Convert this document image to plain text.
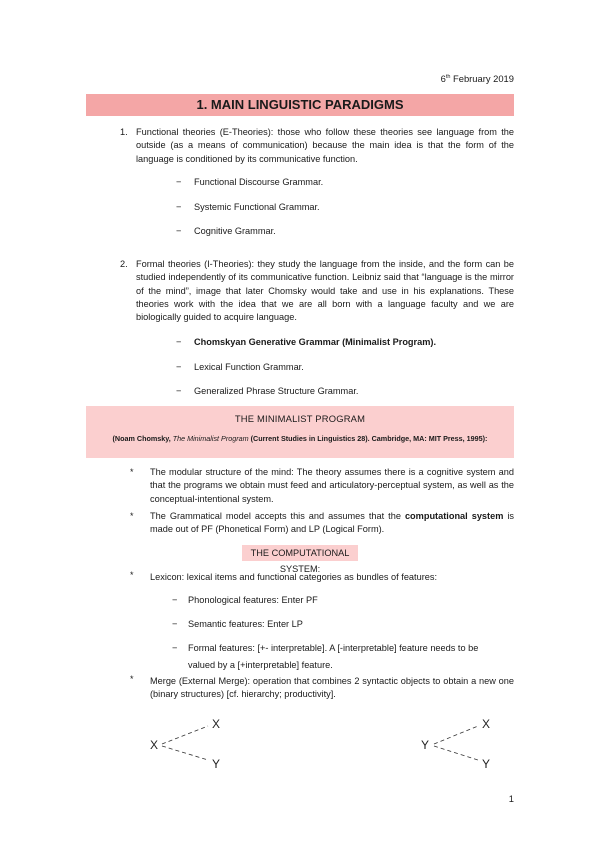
6th February 2019
1. MAIN LINGUISTIC PARADIGMS
1. Functional theories (E-Theories): those who follow these theories see language from the outside (as a means of communication) because the main idea is that the form of the language is conditioned by its communicative function.

− Functional Discourse Grammar.
− Systemic Functional Grammar.
− Cognitive Grammar.
2. Formal theories (I-Theories): they study the language from the inside, and the form can be studied independently of its communicative function. Leibniz said that “language is the mirror of the mind”, image that later Chomsky would take and use in his explanations. These theories work with the idea that we are all born with a language faculty and we are biologically guided to acquire language.

− Chomskyan Generative Grammar (Minimalist Program).
− Lexical Function Grammar.
− Generalized Phrase Structure Grammar.
THE MINIMALIST PROGRAM
(Noam Chomsky, The Minimalist Program (Current Studies in Linguistics 28). Cambridge, MA: MIT Press, 1995):
* The modular structure of the mind: The theory assumes there is a cognitive system and that the programs we obtain must feed and articulatory-perceptual system, as well as the conceptual-intentional system.

* The Grammatical model accepts this and assumes that the computational system is made out of PF (Phonetical Form) and LP (Logical Form).

THE COMPUTATIONAL SYSTEM:
* Lexicon: lexical items and functional categories as bundles of features:

− Phonological features: Enter PF
− Semantic features: Enter LP
− Formal features: [+- interpretable]. A [-interpretable] feature needs to be
valued by a [+interpretable] feature.
* Merge (External Merge): operation that combines 2 syntactic objects to obtain a new one (binary structures) [cf. hierarchy; productivity].

X
X
Y
Y
X
Y
1
